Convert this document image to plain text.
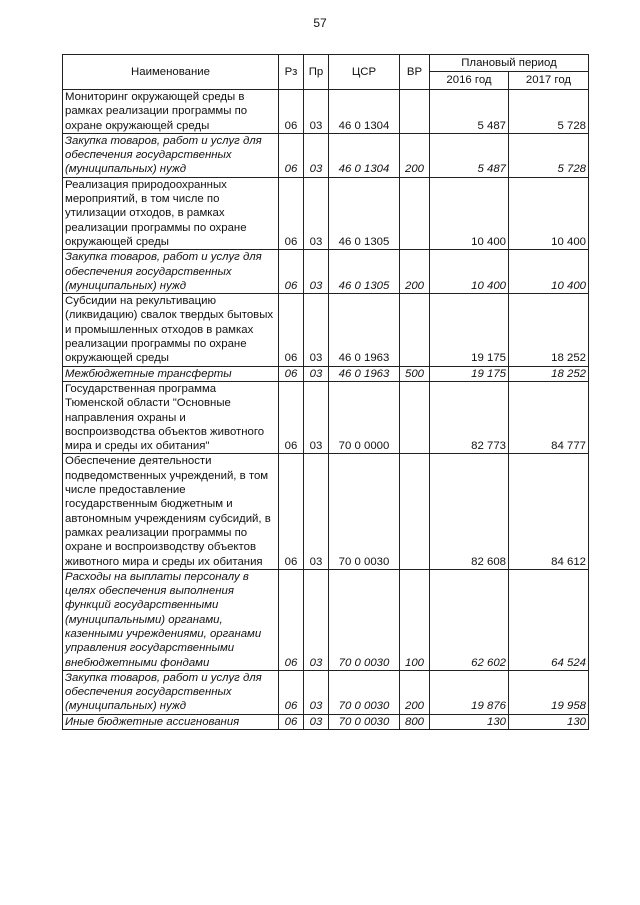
57
Наименование	Рз	Пр	ЦСР	ВР	Плановый период	
					2016 год	2017 год
Мониторинг окружающей среды в рамках реализации программы по охране окружающей среды	06	03	46 0 1304		5 487	5 728
Закупка товаров, работ и услуг для обеспечения государственных (муниципальных) нужд	06	03	46 0 1304	200	5 487	5 728
Реализация природоохранных мероприятий, в том числе по утилизации отходов, в рамках реализации программы по охране окружающей среды	06	03	46 0 1305		10 400	10 400
Закупка товаров, работ и услуг для обеспечения государственных (муниципальных) нужд	06	03	46 0 1305	200	10 400	10 400
Субсидии на рекультивацию (ликвидацию) свалок твердых бытовых и промышленных отходов в рамках реализации программы по охране окружающей среды	06	03	46 0 1963		19 175	18 252
Межбюджетные трансферты	06	03	46 0 1963	500	19 175	18 252
Государственная программа Тюменской области "Основные направления охраны и воспроизводства объектов животного мира и среды их обитания"	06	03	70 0 0000		82 773	84 777
Обеспечение деятельности подведомственных учреждений, в том числе предоставление государственным бюджетным и автономным учреждениям субсидий, в рамках реализации программы по охране и воспроизводству объектов животного мира и среды их обитания	06	03	70 0 0030		82 608	84 612
Расходы на выплаты персоналу в целях обеспечения выполнения функций государственными (муниципальными) органами, казенными учреждениями, органами управления государственными внебюджетными фондами	06	03	70 0 0030	100	62 602	64 524
Закупка товаров, работ и услуг для обеспечения государственных (муниципальных) нужд	06	03	70 0 0030	200	19 876	19 958
Иные бюджетные ассигнования	06	03	70 0 0030	800	130	130
